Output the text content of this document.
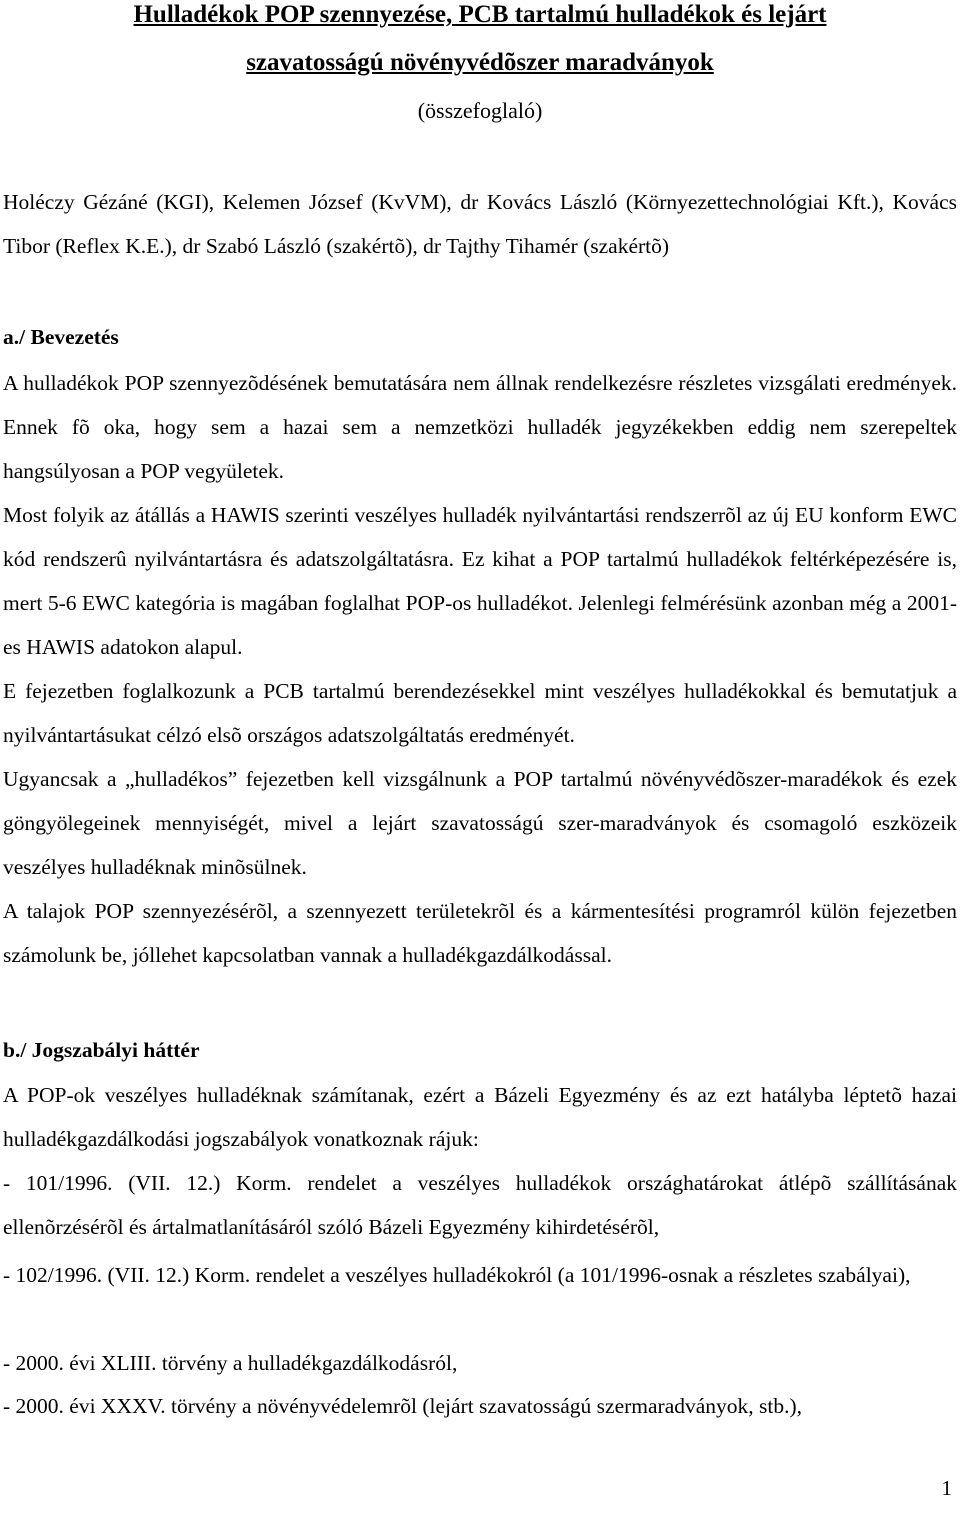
Hulladékok POP szennyezése, PCB tartalmú hulladékok és lejárt
szavatosságú növényvédõszer maradványok
(összefoglaló)

Holéczy Gézáné (KGI), Kelemen József (KvVM), dr Kovács László (Környezettechnológiai Kft.), Kovács Tibor (Reflex K.E.), dr Szabó László (szakértõ), dr Tajthy Tihamér (szakértõ)

a./ Bevezetés

A hulladékok POP szennyezõdésének bemutatására nem állnak rendelkezésre részletes vizsgálati eredmények. Ennek fõ oka, hogy sem a hazai sem a nemzetközi hulladék jegyzékekben eddig nem szerepeltek hangsúlyosan a POP vegyületek.

Most folyik az átállás a HAWIS szerinti veszélyes hulladék nyilvántartási rendszerrõl az új EU konform EWC kód rendszerû nyilvántartásra és adatszolgáltatásra. Ez kihat a POP tartalmú hulladékok feltérképezésére is, mert 5-6 EWC kategória is magában foglalhat POP-os hulladékot. Jelenlegi felmérésünk azonban még a 2001-es HAWIS adatokon alapul.

E fejezetben foglalkozunk a PCB tartalmú berendezésekkel mint veszélyes hulladékokkal és bemutatjuk a nyilvántartásukat célzó elsõ országos adatszolgáltatás eredményét.

Ugyancsak a „hulladékos” fejezetben kell vizsgálnunk a POP tartalmú növényvédõszer-maradékok és ezek göngyölegeinek mennyiségét, mivel a lejárt szavatosságú szer-maradványok és csomagoló eszközeik veszélyes hulladéknak minõsülnek.

A talajok POP szennyezésérõl, a szennyezett területekrõl és a kármentesítési programról külön fejezetben számolunk be, jóllehet kapcsolatban vannak a hulladékgazdálkodással.

b./ Jogszabályi háttér

A POP-ok veszélyes hulladéknak számítanak, ezért a Bázeli Egyezmény és az ezt hatályba léptetõ hazai hulladékgazdálkodási jogszabályok vonatkoznak rájuk:

- 101/1996. (VII. 12.) Korm. rendelet a veszélyes hulladékok országhatárokat átlépõ szállításának ellenõrzésérõl és ártalmatlanításáról szóló Bázeli Egyezmény kihirdetésérõl,

- 102/1996. (VII. 12.) Korm. rendelet a veszélyes hulladékokról (a 101/1996-osnak a részletes szabályai),

- 2000. évi XLIII. törvény a hulladékgazdálkodásról,

- 2000. évi XXXV. törvény a növényvédelemrõl (lejárt szavatosságú szermaradványok, stb.),

1
